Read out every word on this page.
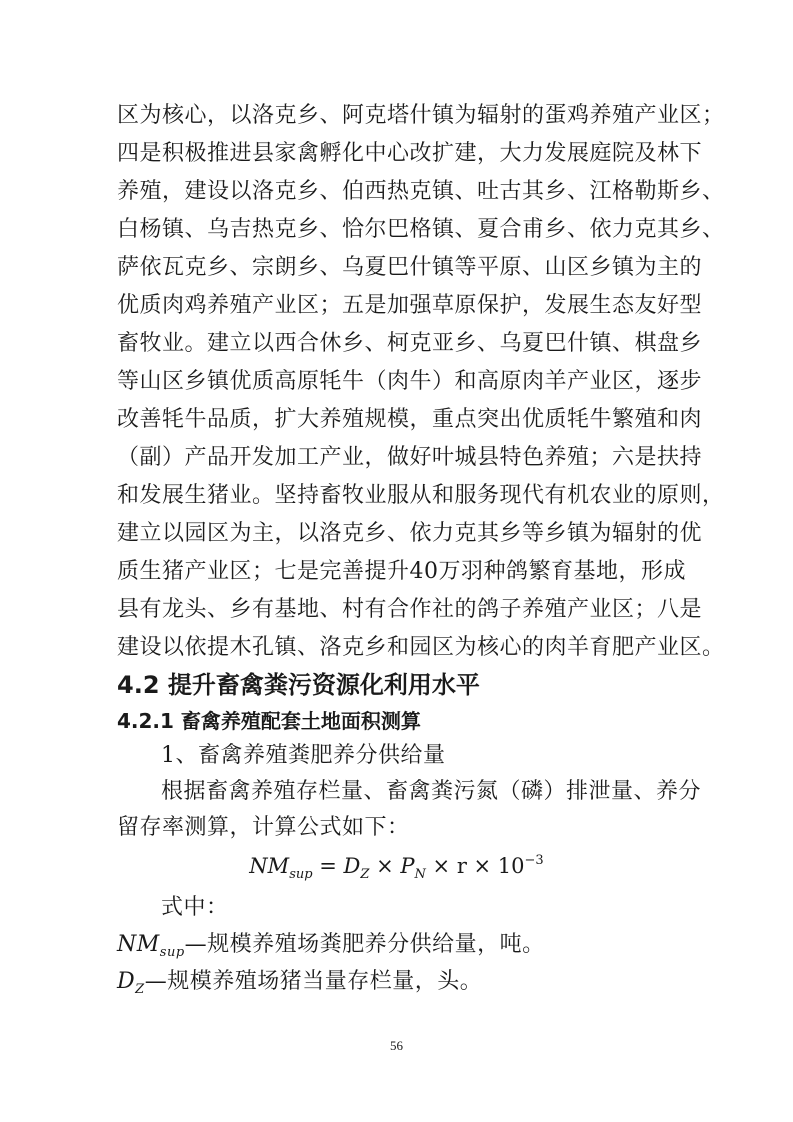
区为核心，以洛克乡、阿克塔什镇为辐射的蛋鸡养殖产业区；
四是积极推进县家禽孵化中心改扩建，大力发展庭院及林下
养殖，建设以洛克乡、伯西热克镇、吐古其乡、江格勒斯乡、
白杨镇、乌吉热克乡、恰尔巴格镇、夏合甫乡、依力克其乡、
萨依瓦克乡、宗朗乡、乌夏巴什镇等平原、山区乡镇为主的
优质肉鸡养殖产业区；五是加强草原保护，发展生态友好型
畜牧业。建立以西合休乡、柯克亚乡、乌夏巴什镇、棋盘乡
等山区乡镇优质高原牦牛（肉牛）和高原肉羊产业区，逐步
改善牦牛品质，扩大养殖规模，重点突出优质牦牛繁殖和肉
（副）产品开发加工产业，做好叶城县特色养殖；六是扶持
和发展生猪业。坚持畜牧业服从和服务现代有机农业的原则，
建立以园区为主，以洛克乡、依力克其乡等乡镇为辐射的优
质生猪产业区；七是完善提升40万羽种鸽繁育基地，形成
县有龙头、乡有基地、村有合作社的鸽子养殖产业区；八是
建设以依提木孔镇、洛克乡和园区为核心的肉羊育肥产业区。
4.2 提升畜禽粪污资源化利用水平
4.2.1 畜禽养殖配套土地面积测算
1、畜禽养殖粪肥养分供给量
根据畜禽养殖存栏量、畜禽粪污氮（磷）排泄量、养分
留存率测算，计算公式如下：
$NM_{sup} = D_Z \times P_N \times r \times 10^{-3}$
式中：
$NM_{sup}—$规模养殖场粪肥养分供给量，吨。
$D_Z—$规模养殖场猪当量存栏量，头。
56
